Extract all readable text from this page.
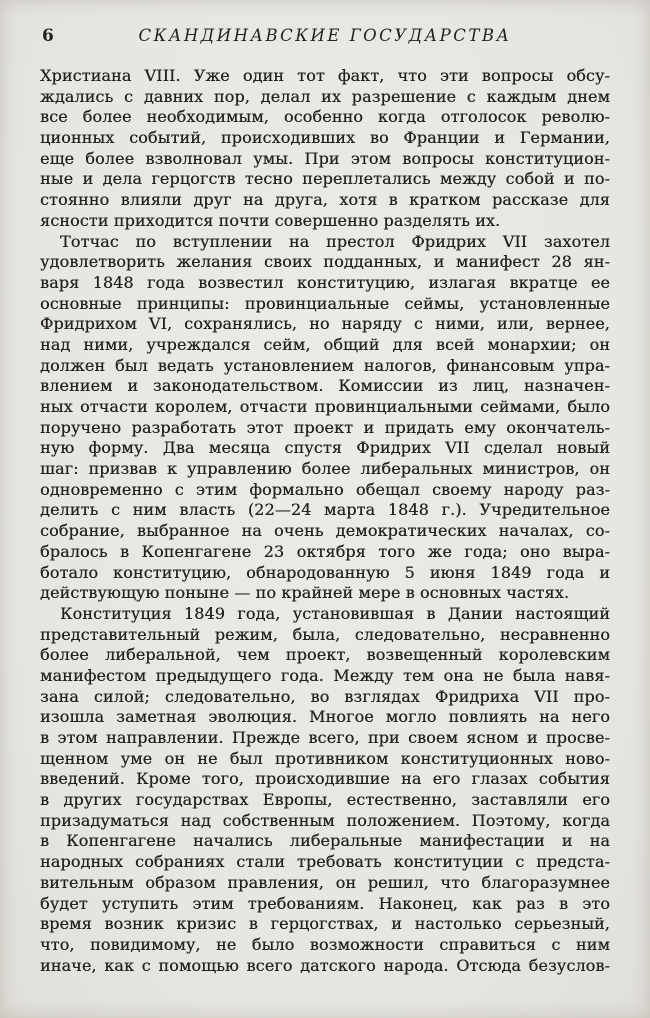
6	СКАНДИНАВСКИЕ ГОСУДАРСТВА
Христиана VIII. Уже один тот факт, что эти вопросы обсу-
ждались с давних пор, делал их разрешение с каждым днем
все более необходимым, особенно когда отголосок револю-
ционных событий, происходивших во Франции и Германии,
еще более взволновал умы. При этом вопросы конституцион-
ные и дела герцогств тесно переплетались между собой и по-
стоянно влияли друг на друга, хотя в кратком рассказе для
ясности приходится почти совершенно разделять их.
Тотчас по вступлении на престол Фридрих VII захотел
удовлетворить желания своих подданных, и манифест 28 ян-
варя 1848 года возвестил конституцию, излагая вкратце ее
основные принципы: провинциальные сеймы, установленные
Фридрихом VI, сохранялись, но наряду с ними, или, вернее,
над ними, учреждался сейм, общий для всей монархии; он
должен был ведать установлением налогов, финансовым упра-
влением и законодательством. Комиссии из лиц, назначен-
ных отчасти королем, отчасти провинциальными сеймами, было
поручено разработать этот проект и придать ему окончатель-
ную форму. Два месяца спустя Фридрих VII сделал новый
шаг: призвав к управлению более либеральных министров, он
одновременно с этим формально обещал своему народу раз-
делить с ним власть (22—24 марта 1848 г.). Учредительное
собрание, выбранное на очень демократических началах, со-
бралось в Копенгагене 23 октября того же года; оно выра-
ботало конституцию, обнародованную 5 июня 1849 года и
действующую поныне — по крайней мере в основных частях.
Конституция 1849 года, установившая в Дании настоящий
представительный режим, была, следовательно, несравненно
более либеральной, чем проект, возвещенный королевским
манифестом предыдущего года. Между тем она не была навя-
зана силой; следовательно, во взглядах Фридриха VII про-
изошла заметная эволюция. Многое могло повлиять на него
в этом направлении. Прежде всего, при своем ясном и просве-
щенном уме он не был противником конституционных ново-
введений. Кроме того, происходившие на его глазах события
в других государствах Европы, естественно, заставляли его
призадуматься над собственным положением. Поэтому, когда
в Копенгагене начались либеральные манифестации и на
народных собраниях стали требовать конституции с предста-
вительным образом правления, он решил, что благоразумнее
будет уступить этим требованиям. Наконец, как раз в это
время возник кризис в герцогствах, и настолько серьезный,
что, повидимому, не было возможности справиться с ним
иначе, как с помощью всего датского народа. Отсюда безуслов-
